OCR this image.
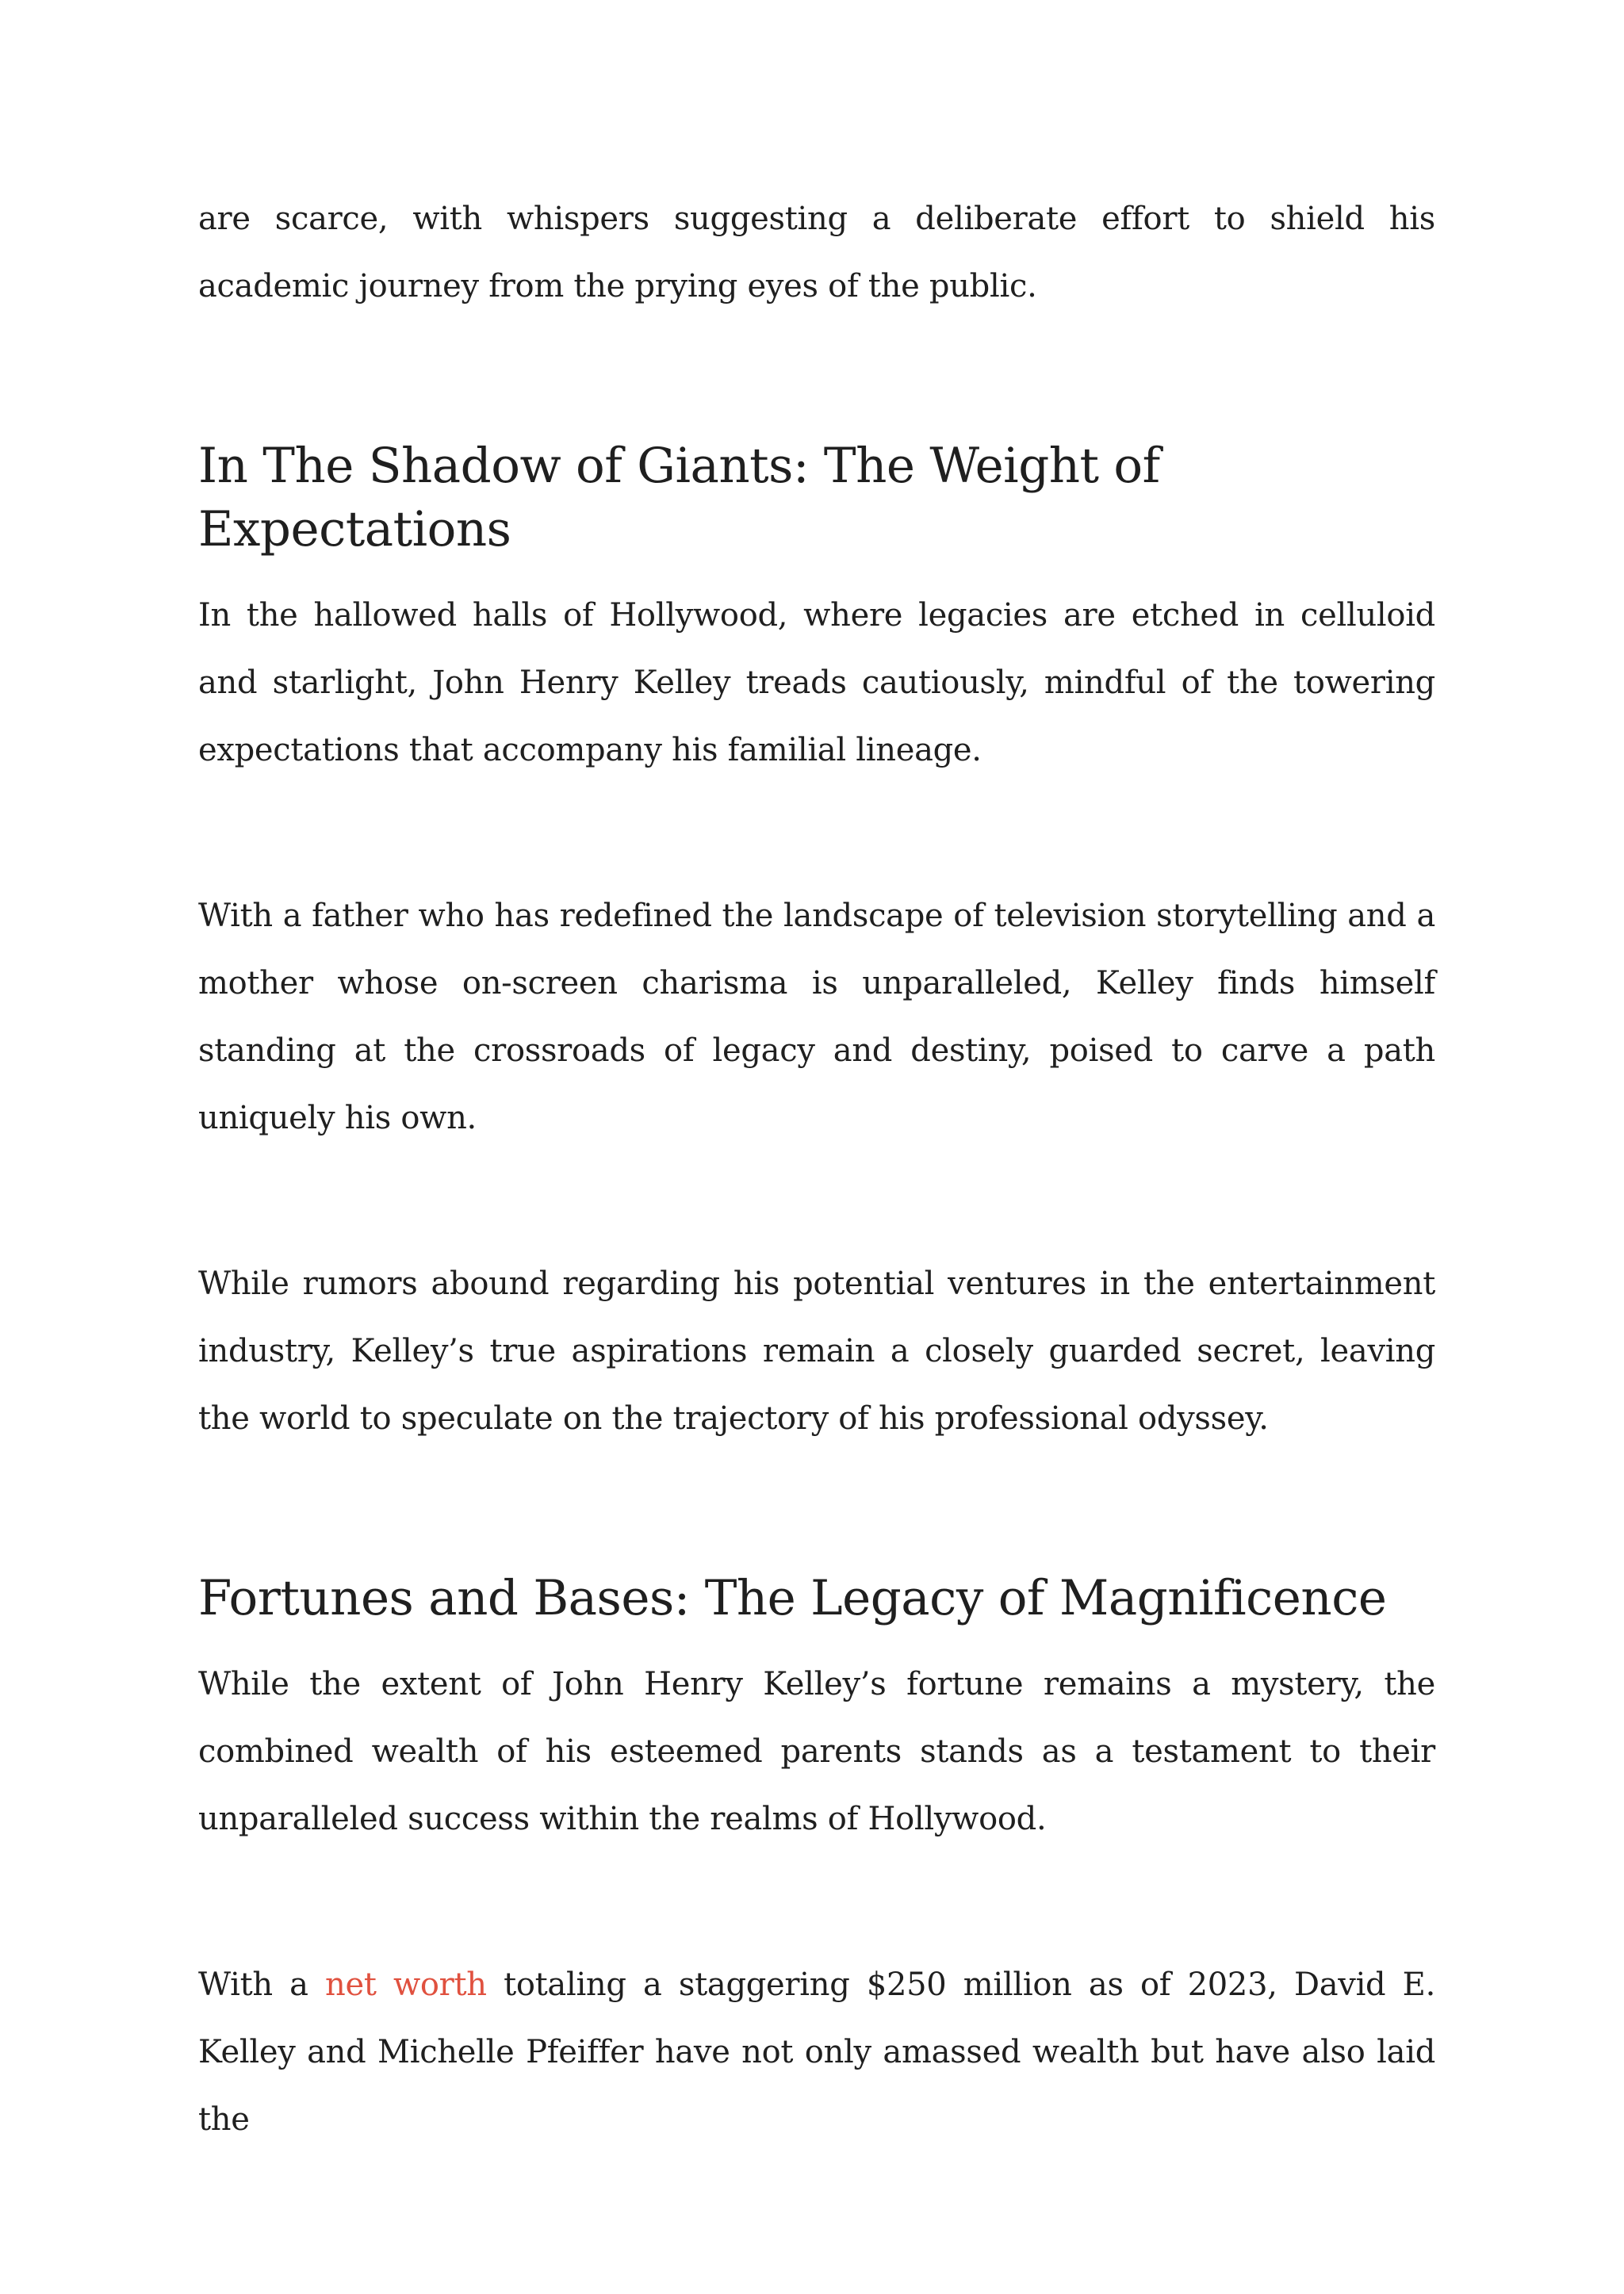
are scarce, with whispers suggesting a deliberate effort to shield his academic journey from the prying eyes of the public.

In The Shadow of Giants: The Weight of Expectations

In the hallowed halls of Hollywood, where legacies are etched in celluloid and starlight, John Henry Kelley treads cautiously, mindful of the towering expectations that accompany his familial lineage.

With a father who has redefined the landscape of television storytelling and a mother whose on-screen charisma is unparalleled, Kelley finds himself standing at the crossroads of legacy and destiny, poised to carve a path uniquely his own.

While rumors abound regarding his potential ventures in the entertainment industry, Kelley’s true aspirations remain a closely guarded secret, leaving the world to speculate on the trajectory of his professional odyssey.

Fortunes and Bases: The Legacy of Magnificence

While the extent of John Henry Kelley’s fortune remains a mystery, the combined wealth of his esteemed parents stands as a testament to their unparalleled success within the realms of Hollywood.

With a net worth totaling a staggering $250 million as of 2023, David E. Kelley and Michelle Pfeiffer have not only amassed wealth but have also laid the
